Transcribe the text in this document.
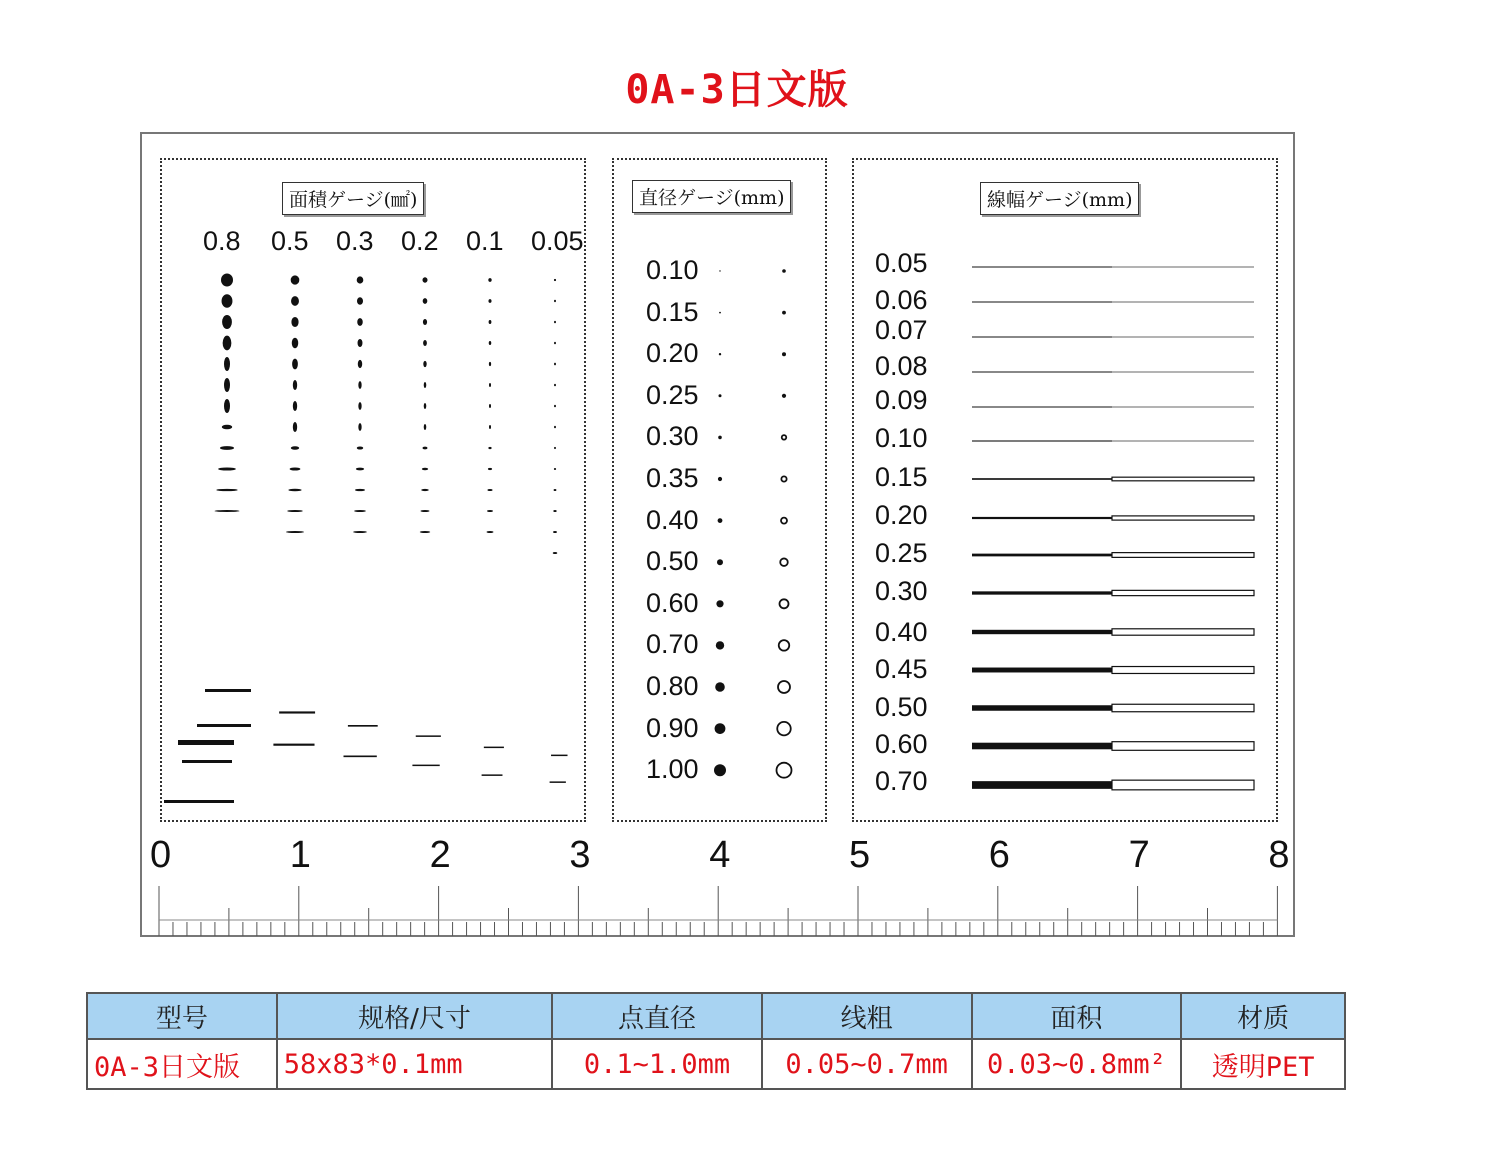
0A-3日文版
面積ゲージ(㎟)	直径ゲージ(mm)	線幅ゲージ(mm)
0.8 0.5 0.3 0.2 0.1 0.05
0.10
0.15
0.20
0.25
0.30
0.35
0.40
0.50
0.60
0.70
0.80
0.90
1.00
0.05
0.06
0.07
0.08
0.09
0.10
0.15
0.20
0.25
0.30
0.40
0.45
0.50
0.60
0.70
0	1	2	3	4	5	6	7	8
型号	规格/尺寸	点直径	线粗	面积	材质
0A-3日文版	58x83*0.1mm	0.1~1.0mm	0.05~0.7mm	0.03~0.8mm²	透明PET
